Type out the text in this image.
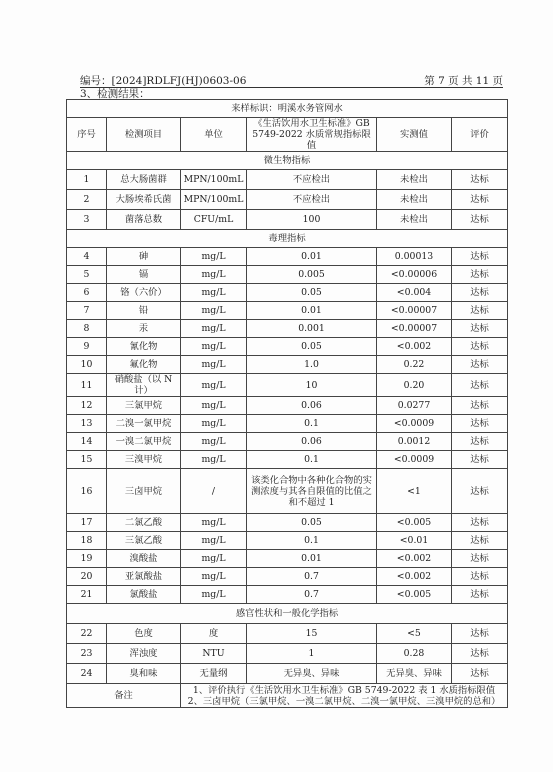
编号：[2024]RDLFJ(HJ)0603-06	第 7 页 共 11 页
3、检测结果：
来样标识：明溪水务管网水					
序号	检测项目	单位	《生活饮用水卫生标准》GB 5749-2022 水质常规指标限值	实测值	评价
微生物指标					
1	总大肠菌群	MPN/100mL	不应检出	未检出	达标
2	大肠埃希氏菌	MPN/100mL	不应检出	未检出	达标
3	菌落总数	CFU/mL	100	未检出	达标
毒理指标					
4	砷	mg/L	0.01	0.00013	达标
5	镉	mg/L	0.005	<0.00006	达标
6	铬（六价）	mg/L	0.05	<0.004	达标
7	铅	mg/L	0.01	<0.00007	达标
8	汞	mg/L	0.001	<0.00007	达标
9	氰化物	mg/L	0.05	<0.002	达标
10	氟化物	mg/L	1.0	0.22	达标
11	硝酸盐（以 N 计）	mg/L	10	0.20	达标
12	三氯甲烷	mg/L	0.06	0.0277	达标
13	二溴一氯甲烷	mg/L	0.1	<0.0009	达标
14	一溴二氯甲烷	mg/L	0.06	0.0012	达标
15	三溴甲烷	mg/L	0.1	<0.0009	达标
16	三卤甲烷	/	该类化合物中各种化合物的实测浓度与其各自限值的比值之和不超过 1	<1	达标
17	二氯乙酸	mg/L	0.05	<0.005	达标
18	三氯乙酸	mg/L	0.1	<0.01	达标
19	溴酸盐	mg/L	0.01	<0.002	达标
20	亚氯酸盐	mg/L	0.7	<0.002	达标
21	氯酸盐	mg/L	0.7	<0.005	达标
感官性状和一般化学指标					
22	色度	度	15	<5	达标
23	浑浊度	NTU	1	0.28	达标
24	臭和味	无量纲	无异臭、异味	无异臭、异味	达标
备注		1、评价执行《生活饮用水卫生标准》GB 5749-2022 表 1 水质指标限值
2、三卤甲烷（三氯甲烷、一溴二氯甲烷、二溴一氯甲烷、三溴甲烷的总和）			
